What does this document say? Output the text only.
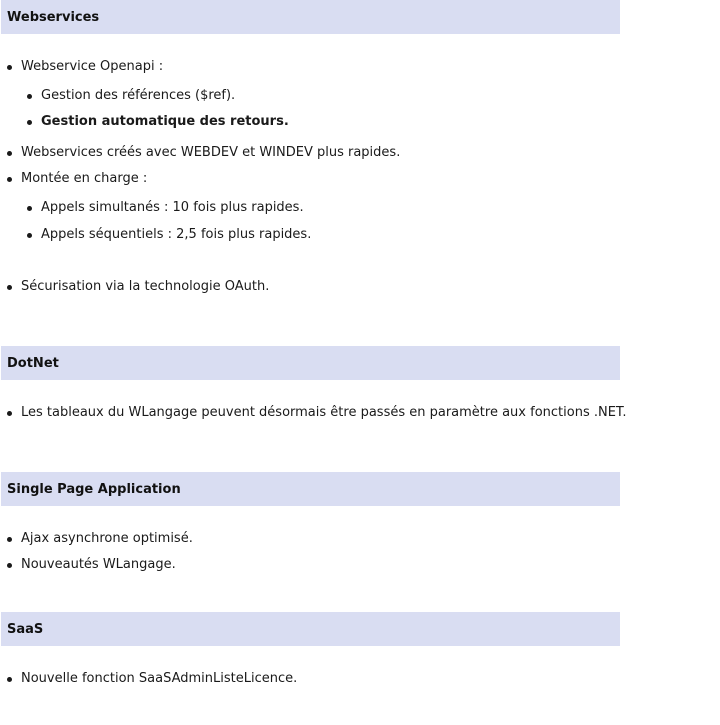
Webservices
Webservice Openapi :
Gestion des références ($ref).
Gestion automatique des retours.
Webservices créés avec WEBDEV et WINDEV plus rapides.
Montée en charge :
Appels simultanés : 10 fois plus rapides.
Appels séquentiels : 2,5 fois plus rapides.
Sécurisation via la technologie OAuth.
DotNet
Les tableaux du WLangage peuvent désormais être passés en paramètre aux fonctions .NET.
Single Page Application
Ajax asynchrone optimisé.
Nouveautés WLangage.
SaaS
Nouvelle fonction SaaSAdminListeLicence.
